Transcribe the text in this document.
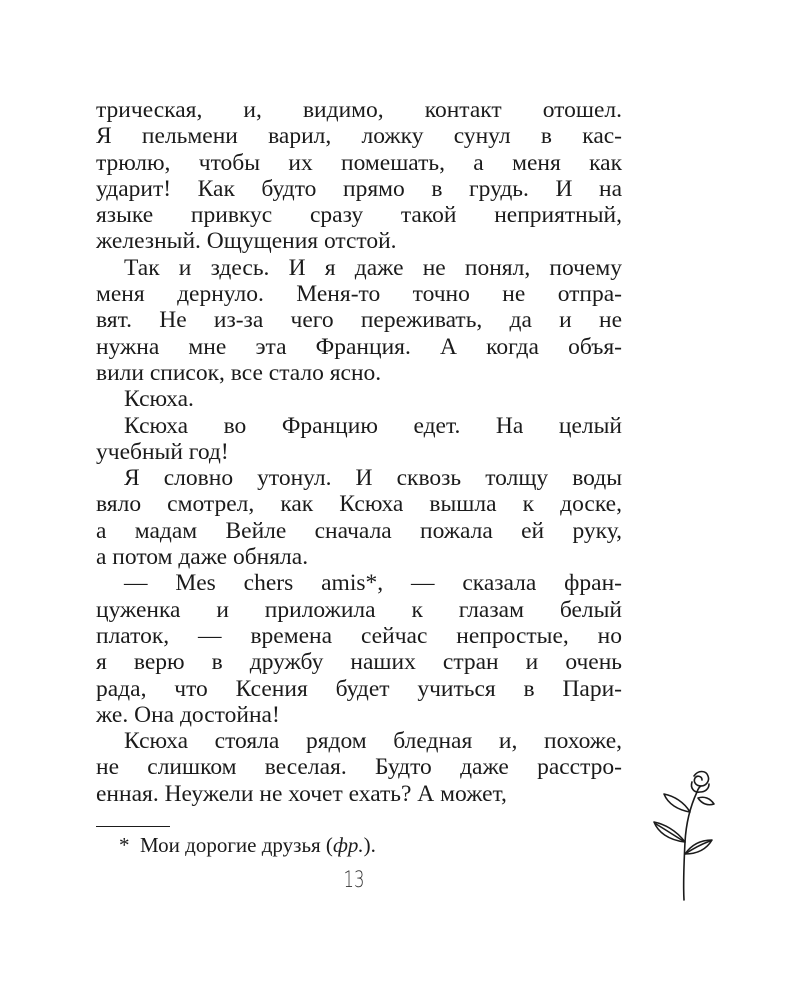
трическая, и, видимо, контакт отошел.
Я пельмени варил, ложку сунул в кас-
трюлю, чтобы их помешать, а меня как
ударит! Как будто прямо в грудь. И на
языке привкус сразу такой неприятный,
железный. Ощущения отстой.
Так и здесь. И я даже не понял, почему
меня дернуло. Меня-то точно не отпра-
вят. Не из-за чего переживать, да и не
нужна мне эта Франция. А когда объя-
вили список, все стало ясно.
Ксюха.
Ксюха во Францию едет. На целый
учебный год!
Я словно утонул. И сквозь толщу воды
вяло смотрел, как Ксюха вышла к доске,
а мадам Вейле сначала пожала ей руку,
а потом даже обняла.
— Mes chers amis*, — сказала фран-
цуженка и приложила к глазам белый
платок, — времена сейчас непростые, но
я верю в дружбу наших стран и очень
рада, что Ксения будет учиться в Пари-
же. Она достойна!
Ксюха стояла рядом бледная и, похоже,
не слишком веселая. Будто даже расстро-
енная. Неужели не хочет ехать? А может,
* Мои дорогие друзья (фр.).
13
